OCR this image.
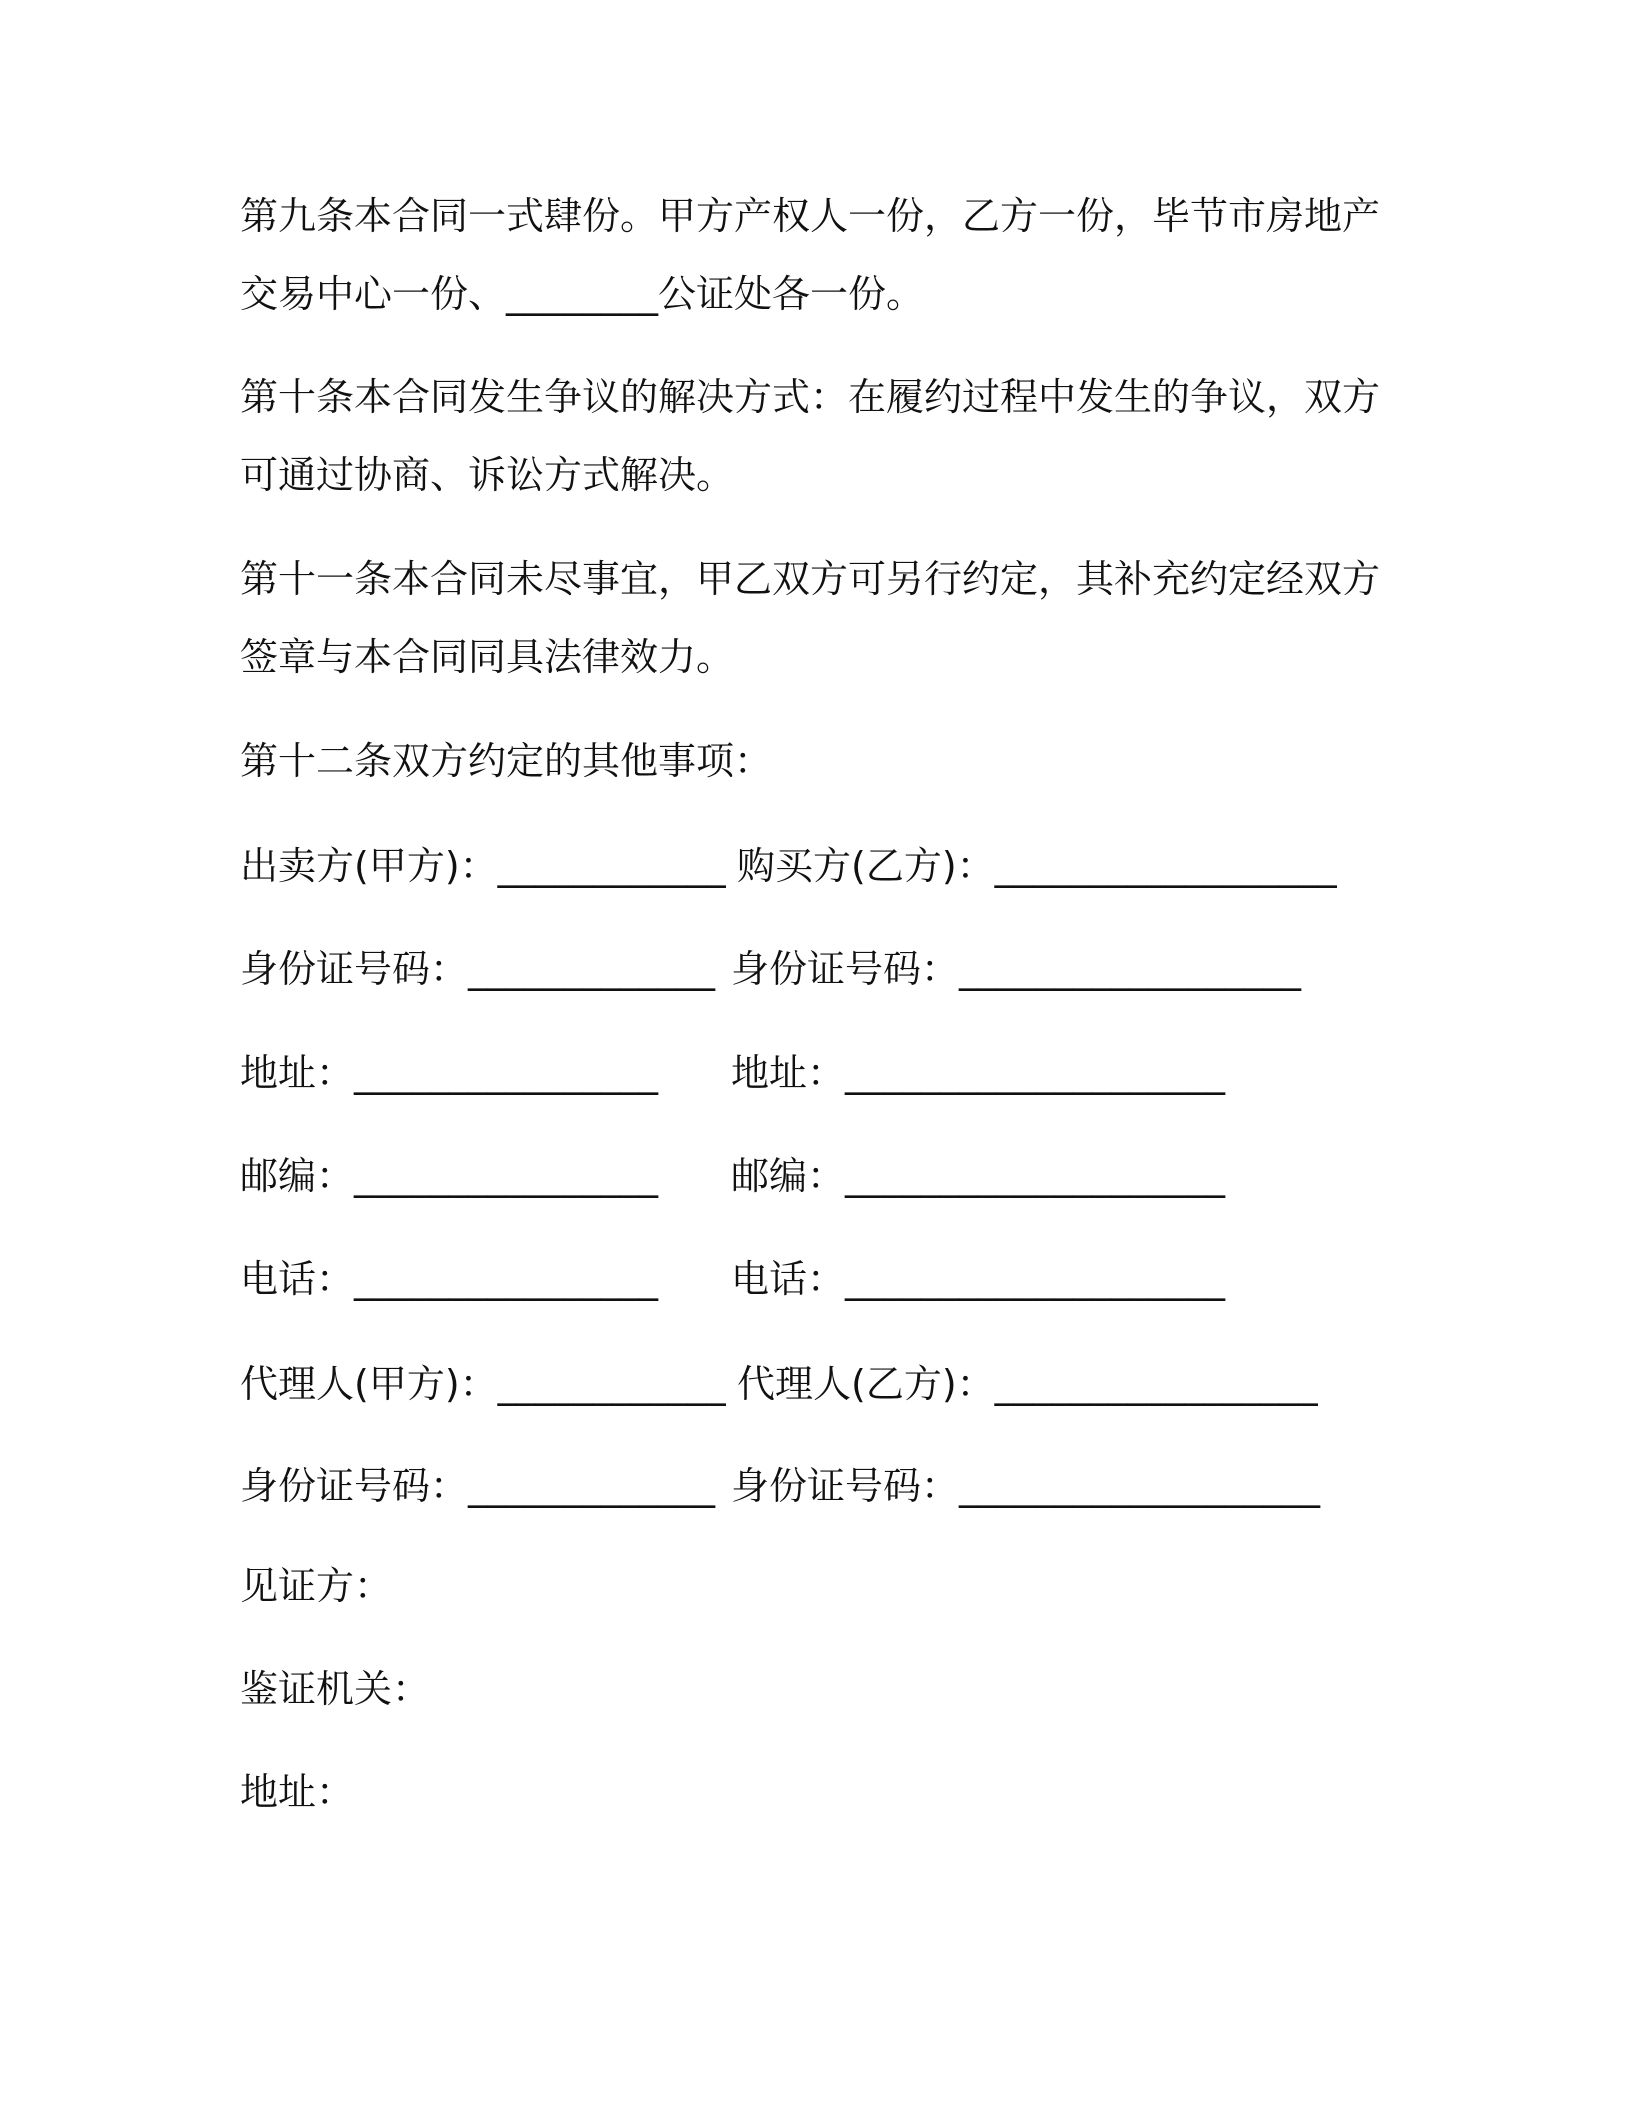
第九条本合同一式肆份。甲方产权人一份，乙方一份，毕节市房地产
交易中心一份、________公证处各一份。
第十条本合同发生争议的解决方式：在履约过程中发生的争议，双方
可通过协商、诉讼方式解决。
第十一条本合同未尽事宜，甲乙双方可另行约定，其补充约定经双方
签章与本合同同具法律效力。
第十二条双方约定的其他事项：
出卖方(甲方)：____________ 购买方(乙方)：__________________
身份证号码：_____________ 身份证号码：__________________
地址：________________ 地址：____________________
邮编：________________ 邮编：____________________
电话：________________ 电话：____________________
代理人(甲方)：____________ 代理人(乙方)：_________________
身份证号码：_____________ 身份证号码：___________________
见证方：
鉴证机关：
地址：
